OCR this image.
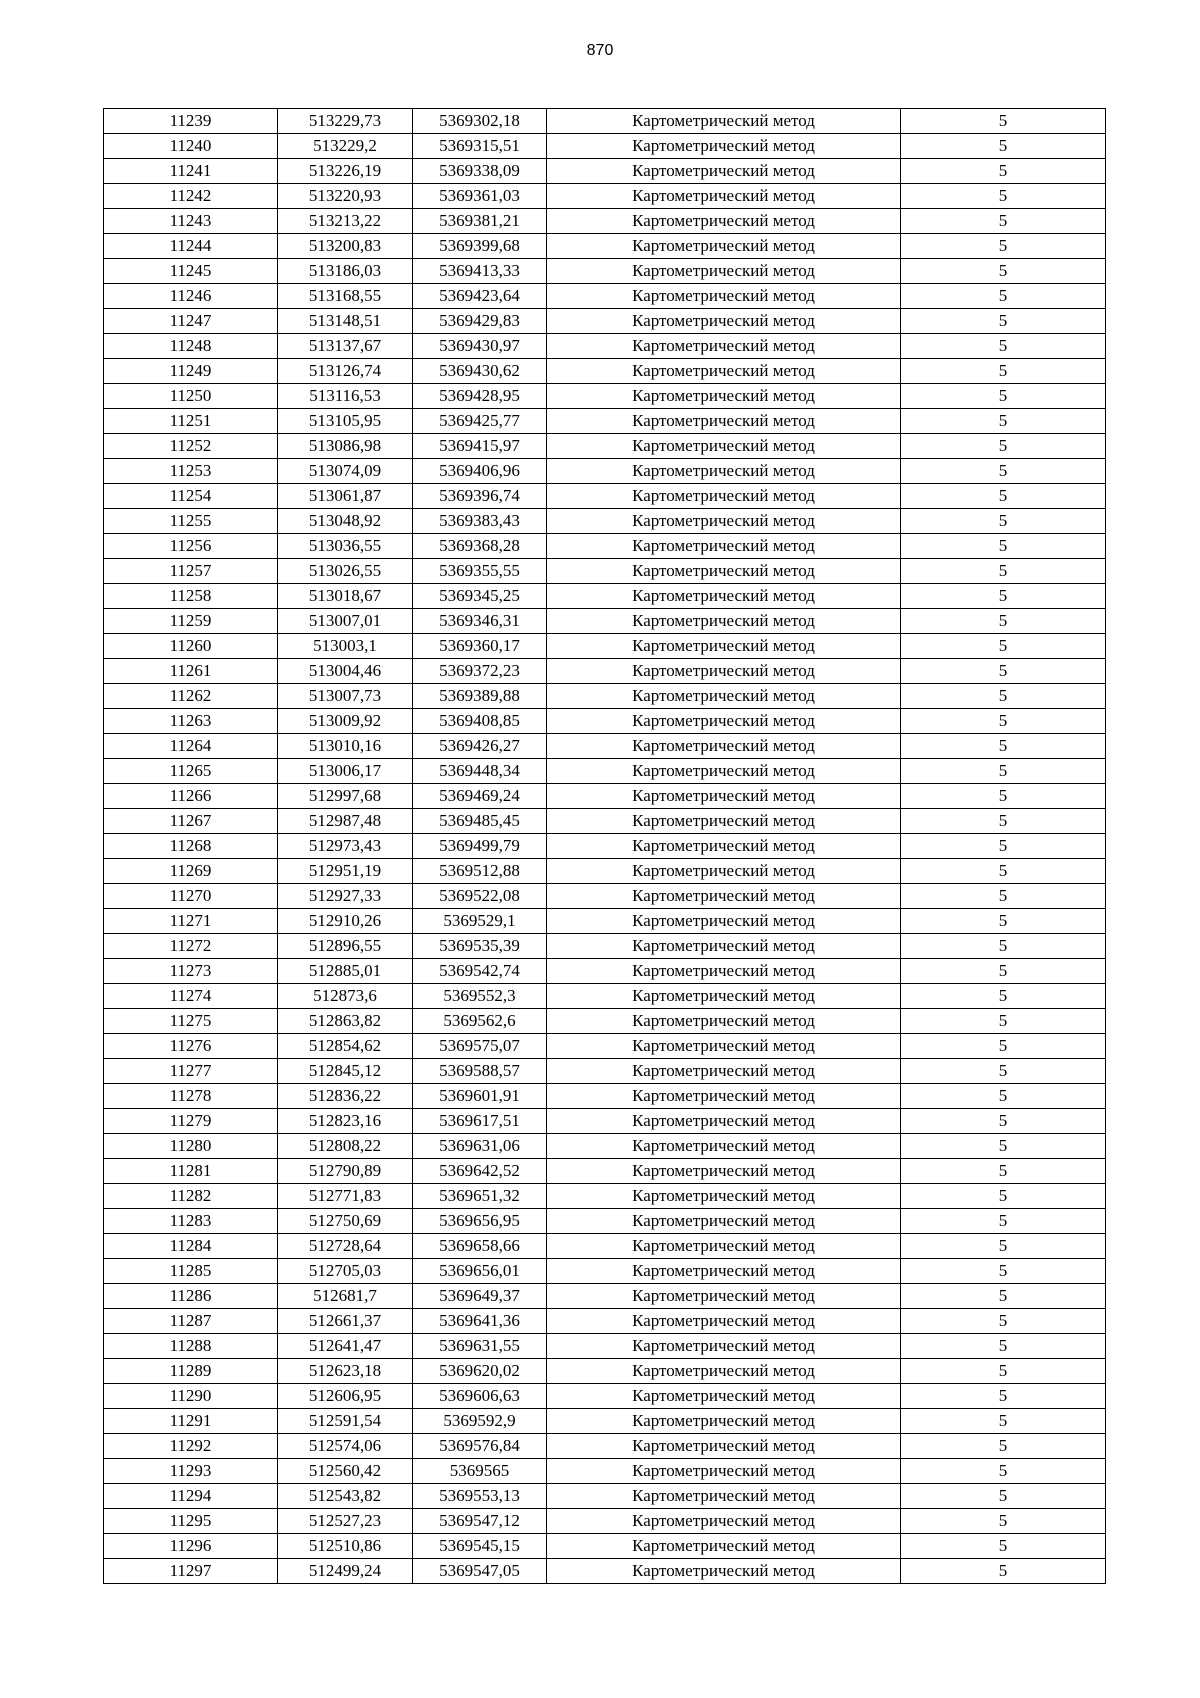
870
11239	513229,73	5369302,18	Картометрический метод	5
11240	513229,2	5369315,51	Картометрический метод	5
11241	513226,19	5369338,09	Картометрический метод	5
11242	513220,93	5369361,03	Картометрический метод	5
11243	513213,22	5369381,21	Картометрический метод	5
11244	513200,83	5369399,68	Картометрический метод	5
11245	513186,03	5369413,33	Картометрический метод	5
11246	513168,55	5369423,64	Картометрический метод	5
11247	513148,51	5369429,83	Картометрический метод	5
11248	513137,67	5369430,97	Картометрический метод	5
11249	513126,74	5369430,62	Картометрический метод	5
11250	513116,53	5369428,95	Картометрический метод	5
11251	513105,95	5369425,77	Картометрический метод	5
11252	513086,98	5369415,97	Картометрический метод	5
11253	513074,09	5369406,96	Картометрический метод	5
11254	513061,87	5369396,74	Картометрический метод	5
11255	513048,92	5369383,43	Картометрический метод	5
11256	513036,55	5369368,28	Картометрический метод	5
11257	513026,55	5369355,55	Картометрический метод	5
11258	513018,67	5369345,25	Картометрический метод	5
11259	513007,01	5369346,31	Картометрический метод	5
11260	513003,1	5369360,17	Картометрический метод	5
11261	513004,46	5369372,23	Картометрический метод	5
11262	513007,73	5369389,88	Картометрический метод	5
11263	513009,92	5369408,85	Картометрический метод	5
11264	513010,16	5369426,27	Картометрический метод	5
11265	513006,17	5369448,34	Картометрический метод	5
11266	512997,68	5369469,24	Картометрический метод	5
11267	512987,48	5369485,45	Картометрический метод	5
11268	512973,43	5369499,79	Картометрический метод	5
11269	512951,19	5369512,88	Картометрический метод	5
11270	512927,33	5369522,08	Картометрический метод	5
11271	512910,26	5369529,1	Картометрический метод	5
11272	512896,55	5369535,39	Картометрический метод	5
11273	512885,01	5369542,74	Картометрический метод	5
11274	512873,6	5369552,3	Картометрический метод	5
11275	512863,82	5369562,6	Картометрический метод	5
11276	512854,62	5369575,07	Картометрический метод	5
11277	512845,12	5369588,57	Картометрический метод	5
11278	512836,22	5369601,91	Картометрический метод	5
11279	512823,16	5369617,51	Картометрический метод	5
11280	512808,22	5369631,06	Картометрический метод	5
11281	512790,89	5369642,52	Картометрический метод	5
11282	512771,83	5369651,32	Картометрический метод	5
11283	512750,69	5369656,95	Картометрический метод	5
11284	512728,64	5369658,66	Картометрический метод	5
11285	512705,03	5369656,01	Картометрический метод	5
11286	512681,7	5369649,37	Картометрический метод	5
11287	512661,37	5369641,36	Картометрический метод	5
11288	512641,47	5369631,55	Картометрический метод	5
11289	512623,18	5369620,02	Картометрический метод	5
11290	512606,95	5369606,63	Картометрический метод	5
11291	512591,54	5369592,9	Картометрический метод	5
11292	512574,06	5369576,84	Картометрический метод	5
11293	512560,42	5369565	Картометрический метод	5
11294	512543,82	5369553,13	Картометрический метод	5
11295	512527,23	5369547,12	Картометрический метод	5
11296	512510,86	5369545,15	Картометрический метод	5
11297	512499,24	5369547,05	Картометрический метод	5
